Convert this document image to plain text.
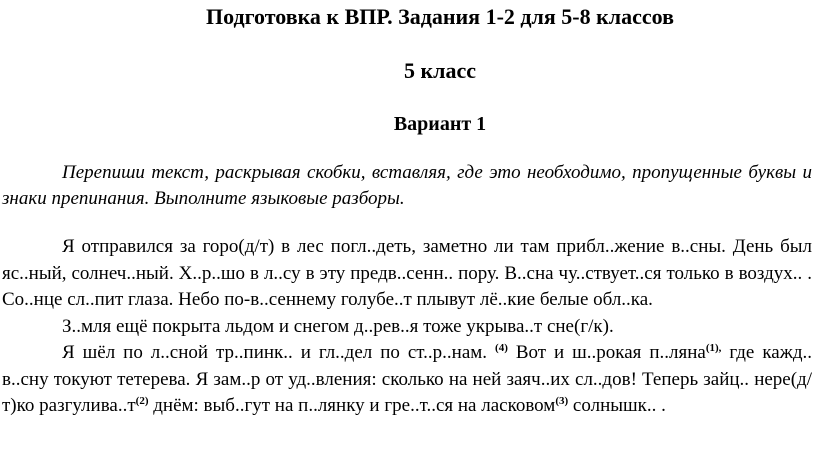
Подготовка к ВПР. Задания 1-2 для 5-8 классов
5 класс
Вариант 1
Перепиши текст, раскрывая скобки, вставляя, где это необходимо, пропущенные буквы и знаки препинания. Выполните языковые разборы.

Я отправился за горо(д/т) в лес погл..деть, заметно ли там прибл..жение в..сны. День был яс..ный, солнеч..ный. Х..р..шо в л..су в эту предв..сенн.. пору. В..сна чу..ствует..ся только в воздух.. . Со..нце сл..пит глаза. Небо по-в..сеннему голубе..т плывут лё..кие белые обл..ка.

З..мля ещё покрыта льдом и снегом д..рев..я тоже укрыва..т сне(г/к).

Я шёл по л..сной тр..пинк.. и гл..дел по ст..р..нам. $^{(4)}$ Вот и ш..рокая п..ляна$^{(1),}$ где кажд.. в..сну токуют тетерева. Я зам..р от уд..вления: сколько на ней заяч..их сл..дов! Теперь зайц.. нере(д/т)ко $разгулива..т^{(2)}$ днём: выб..гут на п..лянку и гре..т..ся на ласковом$^{(3)}$ солнышк.. .
